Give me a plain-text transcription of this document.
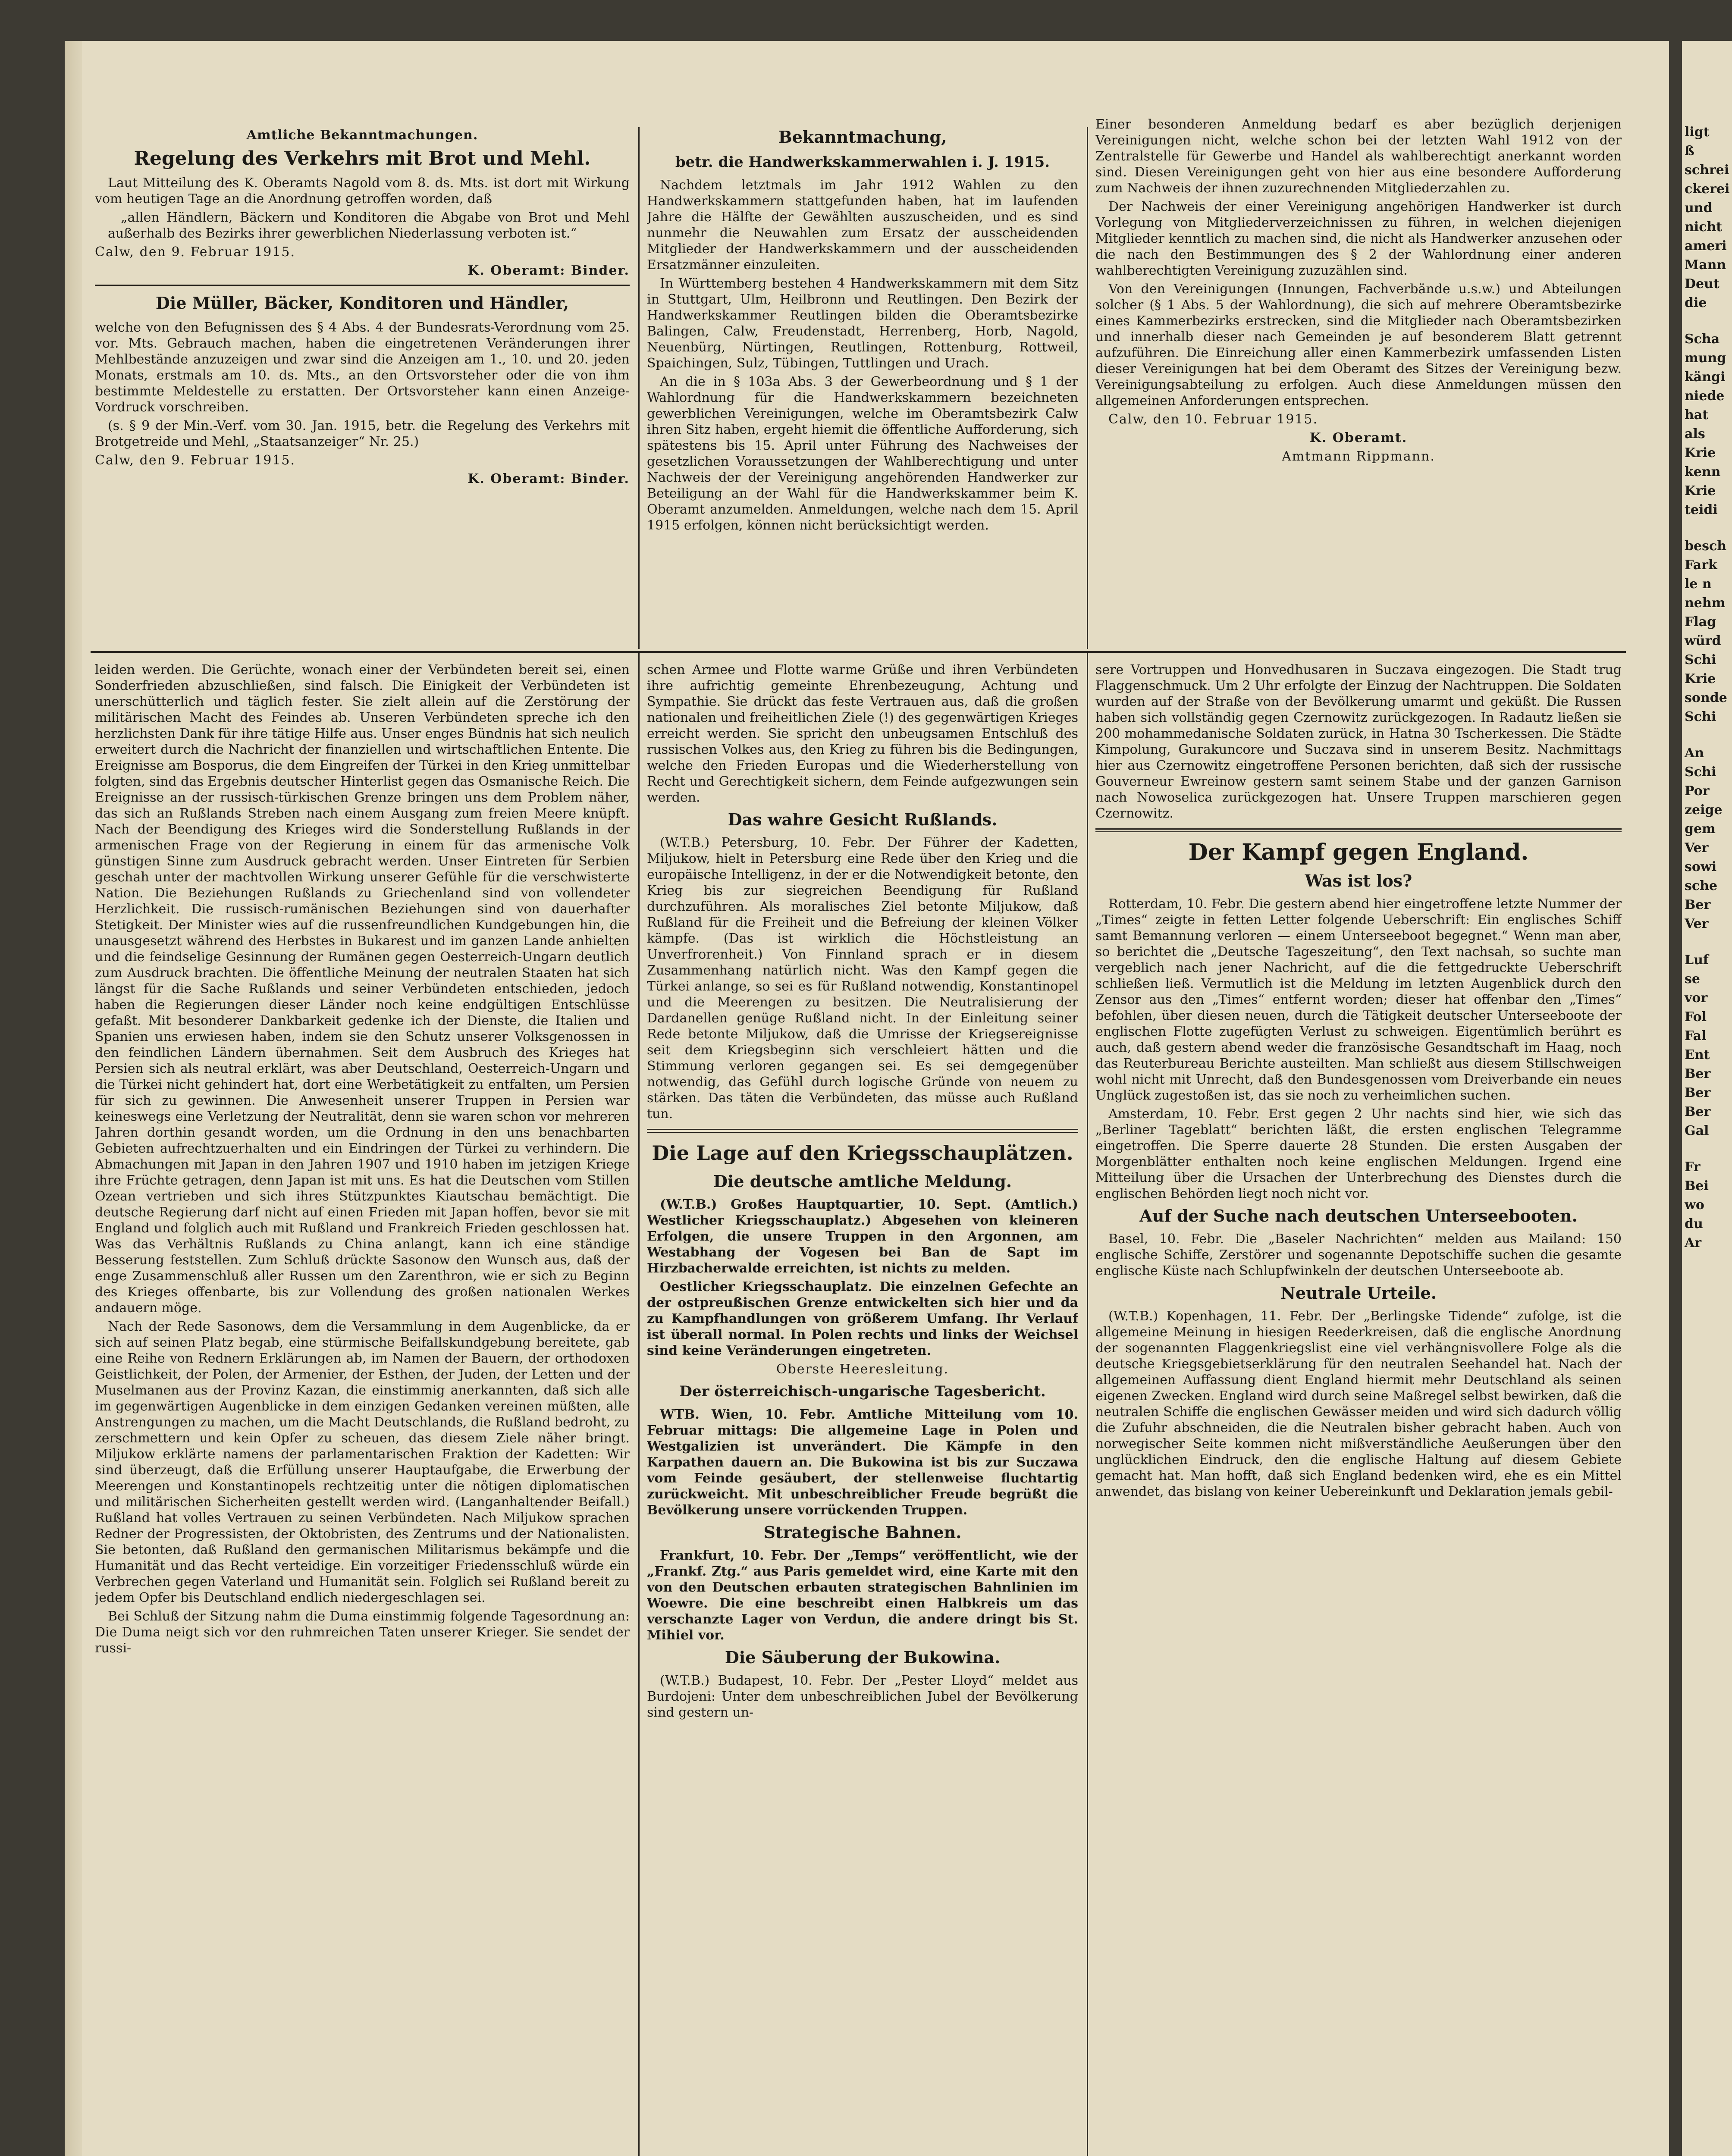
Amtliche Bekanntmachungen.
Regelung des Verkehrs mit Brot und Mehl.

Laut Mitteilung des K. Oberamts Nagold vom 8. ds. Mts. ist dort mit Wirkung vom heutigen Tage an die Anordnung getroffen worden, daß

„allen Händlern, Bäckern und Konditoren die Abgabe von Brot und Mehl außerhalb des Bezirks ihrer gewerblichen Niederlassung verboten ist.“

Calw, den 9. Februar 1915.

K. Oberamt: Binder.

Die Müller, Bäcker, Konditoren und Händler,

welche von den Befugnissen des § 4 Abs. 4 der Bundesrats-Verordnung vom 25. vor. Mts. Gebrauch machen, haben die eingetretenen Veränderungen ihrer Mehlbestände anzuzeigen und zwar sind die Anzeigen am 1., 10. und 20. jeden Monats, erstmals am 10. ds. Mts., an den Ortsvorsteher oder die von ihm bestimmte Meldestelle zu erstatten. Der Ortsvorsteher kann einen Anzeige-Vordruck vorschreiben.

(s. § 9 der Min.-Verf. vom 30. Jan. 1915, betr. die Regelung des Verkehrs mit Brotgetreide und Mehl, „Staatsanzeiger“ Nr. 25.)

Calw, den 9. Februar 1915.

K. Oberamt: Binder.

Bekanntmachung,
betr. die Handwerkskammerwahlen i. J. 1915.

Nachdem letztmals im Jahr 1912 Wahlen zu den Handwerkskammern stattgefunden haben, hat im laufenden Jahre die Hälfte der Gewählten auszuscheiden, und es sind nunmehr die Neuwahlen zum Ersatz der ausscheidenden Mitglieder der Handwerkskammern und der ausscheidenden Ersatzmänner einzuleiten.

In Württemberg bestehen 4 Handwerkskammern mit dem Sitz in Stuttgart, Ulm, Heilbronn und Reutlingen. Den Bezirk der Handwerkskammer Reutlingen bilden die Oberamtsbezirke Balingen, Calw, Freudenstadt, Herrenberg, Horb, Nagold, Neuenbürg, Nürtingen, Reutlingen, Rottenburg, Rottweil, Spaichingen, Sulz, Tübingen, Tuttlingen und Urach.

An die in § 103a Abs. 3 der Gewerbeordnung und § 1 der Wahlordnung für die Handwerkskammern bezeichneten gewerblichen Vereinigungen, welche im Oberamtsbezirk Calw ihren Sitz haben, ergeht hiemit die öffentliche Aufforderung, sich spätestens bis 15. April unter Führung des Nachweises der gesetzlichen Voraussetzungen der Wahlberechtigung und unter Nachweis der der Vereinigung angehörenden Handwerker zur Beteiligung an der Wahl für die Handwerkskammer beim K. Oberamt anzumelden. Anmeldungen, welche nach dem 15. April 1915 erfolgen, können nicht berücksichtigt werden.

Einer besonderen Anmeldung bedarf es aber bezüglich derjenigen Vereinigungen nicht, welche schon bei der letzten Wahl 1912 von der Zentralstelle für Gewerbe und Handel als wahlberechtigt anerkannt worden sind. Diesen Vereinigungen geht von hier aus eine besondere Aufforderung zum Nachweis der ihnen zuzurechnenden Mitgliederzahlen zu.

Der Nachweis der einer Vereinigung angehörigen Handwerker ist durch Vorlegung von Mitgliederverzeichnissen zu führen, in welchen diejenigen Mitglieder kenntlich zu machen sind, die nicht als Handwerker anzusehen oder die nach den Bestimmungen des § 2 der Wahlordnung einer anderen wahlberechtigten Vereinigung zuzuzählen sind.

Von den Vereinigungen (Innungen, Fachverbände u.s.w.) und Abteilungen solcher (§ 1 Abs. 5 der Wahlordnung), die sich auf mehrere Oberamtsbezirke eines Kammerbezirks erstrecken, sind die Mitglieder nach Oberamtsbezirken und innerhalb dieser nach Gemeinden je auf besonderem Blatt getrennt aufzuführen. Die Einreichung aller einen Kammerbezirk umfassenden Listen dieser Vereinigungen hat bei dem Oberamt des Sitzes der Vereinigung bezw. Vereinigungsabteilung zu erfolgen. Auch diese Anmeldungen müssen den allgemeinen Anforderungen entsprechen.

Calw, den 10. Februar 1915.

K. Oberamt.

Amtmann Rippmann.

leiden werden. Die Gerüchte, wonach einer der Verbündeten bereit sei, einen Sonderfrieden abzuschließen, sind falsch. Die Einigkeit der Verbündeten ist unerschütterlich und täglich fester. Sie zielt allein auf die Zerstörung der militärischen Macht des Feindes ab. Unseren Verbündeten spreche ich den herzlichsten Dank für ihre tätige Hilfe aus. Unser enges Bündnis hat sich neulich erweitert durch die Nachricht der finanziellen und wirtschaftlichen Entente. Die Ereignisse am Bosporus, die dem Eingreifen der Türkei in den Krieg unmittelbar folgten, sind das Ergebnis deutscher Hinterlist gegen das Osmanische Reich. Die Ereignisse an der russisch-türkischen Grenze bringen uns dem Problem näher, das sich an Rußlands Streben nach einem Ausgang zum freien Meere knüpft. Nach der Beendigung des Krieges wird die Sonderstellung Rußlands in der armenischen Frage von der Regierung in einem für das armenische Volk günstigen Sinne zum Ausdruck gebracht werden. Unser Eintreten für Serbien geschah unter der machtvollen Wirkung unserer Gefühle für die verschwisterte Nation. Die Beziehungen Rußlands zu Griechenland sind von vollendeter Herzlichkeit. Die russisch-rumänischen Beziehungen sind von dauerhafter Stetigkeit. Der Minister wies auf die russenfreundlichen Kundgebungen hin, die unausgesetzt während des Herbstes in Bukarest und im ganzen Lande anhielten und die feindselige Gesinnung der Rumänen gegen Oesterreich-Ungarn deutlich zum Ausdruck brachten. Die öffentliche Meinung der neutralen Staaten hat sich längst für die Sache Rußlands und seiner Verbündeten entschieden, jedoch haben die Regierungen dieser Länder noch keine endgültigen Entschlüsse gefaßt. Mit besonderer Dankbarkeit gedenke ich der Dienste, die Italien und Spanien uns erwiesen haben, indem sie den Schutz unserer Volksgenossen in den feindlichen Ländern übernahmen. Seit dem Ausbruch des Krieges hat Persien sich als neutral erklärt, was aber Deutschland, Oesterreich-Ungarn und die Türkei nicht gehindert hat, dort eine Werbetätigkeit zu entfalten, um Persien für sich zu gewinnen. Die Anwesenheit unserer Truppen in Persien war keineswegs eine Verletzung der Neutralität, denn sie waren schon vor mehreren Jahren dorthin gesandt worden, um die Ordnung in den uns benachbarten Gebieten aufrechtzuerhalten und ein Eindringen der Türkei zu verhindern. Die Abmachungen mit Japan in den Jahren 1907 und 1910 haben im jetzigen Kriege ihre Früchte getragen, denn Japan ist mit uns. Es hat die Deutschen vom Stillen Ozean vertrieben und sich ihres Stützpunktes Kiautschau bemächtigt. Die deutsche Regierung darf nicht auf einen Frieden mit Japan hoffen, bevor sie mit England und folglich auch mit Rußland und Frankreich Frieden geschlossen hat. Was das Verhältnis Rußlands zu China anlangt, kann ich eine ständige Besserung feststellen. Zum Schluß drückte Sasonow den Wunsch aus, daß der enge Zusammenschluß aller Russen um den Zarenthron, wie er sich zu Beginn des Krieges offenbarte, bis zur Vollendung des großen nationalen Werkes andauern möge.

Nach der Rede Sasonows, dem die Versammlung in dem Augenblicke, da er sich auf seinen Platz begab, eine stürmische Beifallskundgebung bereitete, gab eine Reihe von Rednern Erklärungen ab, im Namen der Bauern, der orthodoxen Geistlichkeit, der Polen, der Armenier, der Esthen, der Juden, der Letten und der Muselmanen aus der Provinz Kazan, die einstimmig anerkannten, daß sich alle im gegenwärtigen Augenblicke in dem einzigen Gedanken vereinen müßten, alle Anstrengungen zu machen, um die Macht Deutschlands, die Rußland bedroht, zu zerschmettern und kein Opfer zu scheuen, das diesem Ziele näher bringt. Miljukow erklärte namens der parlamentarischen Fraktion der Kadetten: Wir sind überzeugt, daß die Erfüllung unserer Hauptaufgabe, die Erwerbung der Meerengen und Konstantinopels rechtzeitig unter die nötigen diplomatischen und militärischen Sicherheiten gestellt werden wird. (Langanhaltender Beifall.) Rußland hat volles Vertrauen zu seinen Verbündeten. Nach Miljukow sprachen Redner der Progressisten, der Oktobristen, des Zentrums und der Nationalisten. Sie betonten, daß Rußland den germanischen Militarismus bekämpfe und die Humanität und das Recht verteidige. Ein vorzeitiger Friedensschluß würde ein Verbrechen gegen Vaterland und Humanität sein. Folglich sei Rußland bereit zu jedem Opfer bis Deutschland endlich niedergeschlagen sei.

Bei Schluß der Sitzung nahm die Duma einstimmig folgende Tagesordnung an: Die Duma neigt sich vor den ruhmreichen Taten unserer Krieger. Sie sendet der russi-

schen Armee und Flotte warme Grüße und ihren Verbündeten ihre aufrichtig gemeinte Ehrenbezeugung, Achtung und Sympathie. Sie drückt das feste Vertrauen aus, daß die großen nationalen und freiheitlichen Ziele (!) des gegenwärtigen Krieges erreicht werden. Sie spricht den unbeugsamen Entschluß des russischen Volkes aus, den Krieg zu führen bis die Bedingungen, welche den Frieden Europas und die Wiederherstellung von Recht und Gerechtigkeit sichern, dem Feinde aufgezwungen sein werden.

Das wahre Gesicht Rußlands.

(W.T.B.) Petersburg, 10. Febr. Der Führer der Kadetten, Miljukow, hielt in Petersburg eine Rede über den Krieg und die europäische Intelligenz, in der er die Notwendigkeit betonte, den Krieg bis zur siegreichen Beendigung für Rußland durchzuführen. Als moralisches Ziel betonte Miljukow, daß Rußland für die Freiheit und die Befreiung der kleinen Völker kämpfe. (Das ist wirklich die Höchstleistung an Unverfrorenheit.) Von Finnland sprach er in diesem Zusammenhang natürlich nicht. Was den Kampf gegen die Türkei anlange, so sei es für Rußland notwendig, Konstantinopel und die Meerengen zu besitzen. Die Neutralisierung der Dardanellen genüge Rußland nicht. In der Einleitung seiner Rede betonte Miljukow, daß die Umrisse der Kriegsereignisse seit dem Kriegsbeginn sich verschleiert hätten und die Stimmung verloren gegangen sei. Es sei demgegenüber notwendig, das Gefühl durch logische Gründe von neuem zu stärken. Das täten die Verbündeten, das müsse auch Rußland tun.

Die Lage auf den Kriegsschauplätzen.
Die deutsche amtliche Meldung.

(W.T.B.) Großes Hauptquartier, 10. Sept. (Amtlich.) Westlicher Kriegsschauplatz.) Abgesehen von kleineren Erfolgen, die unsere Truppen in den Argonnen, am Westabhang der Vogesen bei Ban de Sapt im Hirzbacherwalde erreichten, ist nichts zu melden.

Oestlicher Kriegsschauplatz. Die einzelnen Gefechte an der ostpreußischen Grenze entwickelten sich hier und da zu Kampfhandlungen von größerem Umfang. Ihr Verlauf ist überall normal. In Polen rechts und links der Weichsel sind keine Veränderungen eingetreten.

Oberste Heeresleitung.

Der österreichisch-ungarische Tagesbericht.

WTB. Wien, 10. Febr. Amtliche Mitteilung vom 10. Februar mittags: Die allgemeine Lage in Polen und Westgalizien ist unverändert. Die Kämpfe in den Karpathen dauern an. Die Bukowina ist bis zur Suczawa vom Feinde gesäubert, der stellenweise fluchtartig zurückweicht. Mit unbeschreiblicher Freude begrüßt die Bevölkerung unsere vorrückenden Truppen.

Strategische Bahnen.

Frankfurt, 10. Febr. Der „Temps“ veröffentlicht, wie der „Frankf. Ztg.“ aus Paris gemeldet wird, eine Karte mit den von den Deutschen erbauten strategischen Bahnlinien im Woewre. Die eine beschreibt einen Halbkreis um das verschanzte Lager von Verdun, die andere dringt bis St. Mihiel vor.

Die Säuberung der Bukowina.

(W.T.B.) Budapest, 10. Febr. Der „Pester Lloyd“ meldet aus Burdojeni: Unter dem unbeschreiblichen Jubel der Bevölkerung sind gestern un-

sere Vortruppen und Honvedhusaren in Suczava eingezogen. Die Stadt trug Flaggenschmuck. Um 2 Uhr erfolgte der Einzug der Nachtruppen. Die Soldaten wurden auf der Straße von der Bevölkerung umarmt und geküßt. Die Russen haben sich vollständig gegen Czernowitz zurückgezogen. In Radautz ließen sie 200 mohammedanische Soldaten zurück, in Hatna 30 Tscherkessen. Die Städte Kimpolung, Gurakuncore und Suczava sind in unserem Besitz. Nachmittags hier aus Czernowitz eingetroffene Personen berichten, daß sich der russische Gouverneur Ewreinow gestern samt seinem Stabe und der ganzen Garnison nach Nowoselica zurückgezogen hat. Unsere Truppen marschieren gegen Czernowitz.

Der Kampf gegen England.
Was ist los?

Rotterdam, 10. Febr. Die gestern abend hier eingetroffene letzte Nummer der „Times“ zeigte in fetten Letter folgende Ueberschrift: Ein englisches Schiff samt Bemannung verloren — einem Unterseeboot begegnet.“ Wenn man aber, so berichtet die „Deutsche Tageszeitung“, den Text nachsah, so suchte man vergeblich nach jener Nachricht, auf die die fettgedruckte Ueberschrift schließen ließ. Vermutlich ist die Meldung im letzten Augenblick durch den Zensor aus den „Times“ entfernt worden; dieser hat offenbar den „Times“ befohlen, über diesen neuen, durch die Tätigkeit deutscher Unterseeboote der englischen Flotte zugefügten Verlust zu schweigen. Eigentümlich berührt es auch, daß gestern abend weder die französische Gesandtschaft im Haag, noch das Reuterbureau Berichte austeilten. Man schließt aus diesem Stillschweigen wohl nicht mit Unrecht, daß den Bundesgenossen vom Dreiverbande ein neues Unglück zugestoßen ist, das sie noch zu verheimlichen suchen.

Amsterdam, 10. Febr. Erst gegen 2 Uhr nachts sind hier, wie sich das „Berliner Tageblatt“ berichten läßt, die ersten englischen Telegramme eingetroffen. Die Sperre dauerte 28 Stunden. Die ersten Ausgaben der Morgenblätter enthalten noch keine englischen Meldungen. Irgend eine Mitteilung über die Ursachen der Unterbrechung des Dienstes durch die englischen Behörden liegt noch nicht vor.

Auf der Suche nach deutschen Unterseebooten.

Basel, 10. Febr. Die „Baseler Nachrichten“ melden aus Mailand: 150 englische Schiffe, Zerstörer und sogenannte Depotschiffe suchen die gesamte englische Küste nach Schlupfwinkeln der deutschen Unterseeboote ab.

Neutrale Urteile.

(W.T.B.) Kopenhagen, 11. Febr. Der „Berlingske Tidende“ zufolge, ist die allgemeine Meinung in hiesigen Reederkreisen, daß die englische Anordnung der sogenannten Flaggenkriegslist eine viel verhängnisvollere Folge als die deutsche Kriegsgebietserklärung für den neutralen Seehandel hat. Nach der allgemeinen Auffassung dient England hiermit mehr Deutschland als seinen eigenen Zwecken. England wird durch seine Maßregel selbst bewirken, daß die neutralen Schiffe die englischen Gewässer meiden und wird sich dadurch völlig die Zufuhr abschneiden, die die Neutralen bisher gebracht haben. Auch von norwegischer Seite kommen nicht mißverständliche Aeußerungen über den unglücklichen Eindruck, den die englische Haltung auf diesem Gebiete gemacht hat. Man hofft, daß sich England bedenken wird, ehe es ein Mittel anwendet, das bislang von keiner Uebereinkunft und Deklaration jemals gebil-

ligt
ß
schrei
ckerei
und
nicht
ameri
Mann
Deut
die
Scha
mung
kängi
niede
hat
als
Krie
kenn
Krie
teidi
besch
Fark
le n
nehm
Flag
würd
Schi
Krie
sonde
Schi
An
Schi
Por
zeige
gem
Ver
sowi
sche
Ber
Ver
Luf
se
vor
Fol
Fal
Ent
Ber
Ber
Ber
Gal
Fr
Bei
wo
du
Ar
